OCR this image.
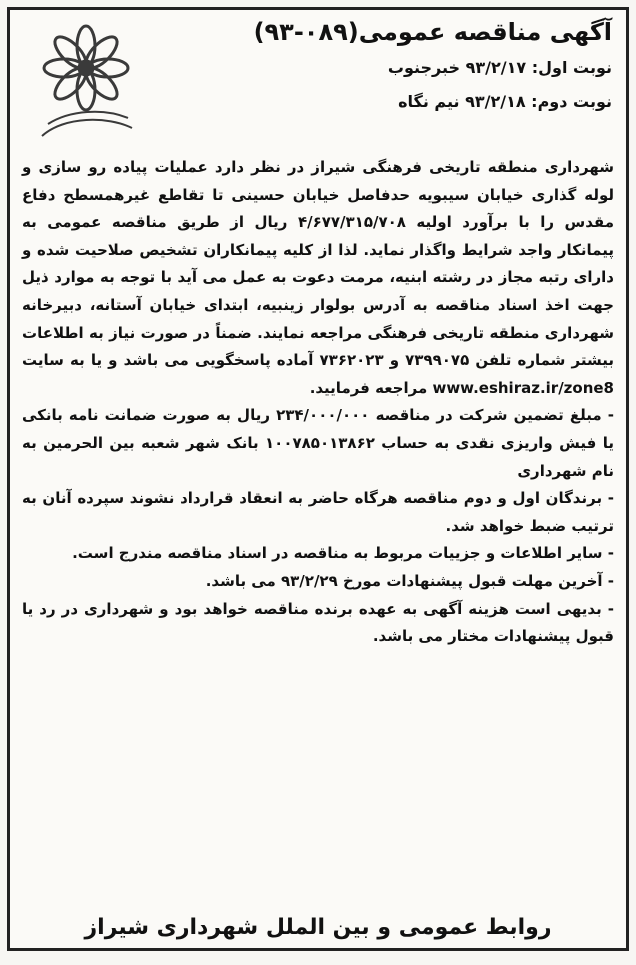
آگهی مناقصه عمومی(۰۸۹-۹۳)
نوبت اول: ۹۳/۲/۱۷ خبرجنوب
نوبت دوم: ۹۳/۲/۱۸ نیم نگاه

شهرداری منطقه تاریخی فرهنگی شیراز در نظر دارد عملیات پیاده رو سازی و لوله گذاری خیابان سیبویه حدفاصل خیابان حسینی تا تقاطع غیرهمسطح دفاع مقدس را با برآورد اولیه ۴/۶۷۷/۳۱۵/۷۰۸ ریال از طریق مناقصه عمومی به پیمانکار واجد شرایط واگذار نماید. لذا از کلیه پیمانکاران تشخیص صلاحیت شده و دارای رتبه مجاز در رشته ابنیه، مرمت دعوت به عمل می آید با توجه به موارد ذیل جهت اخذ اسناد مناقصه به آدرس بولوار زینبیه، ابتدای خیابان آستانه، دبیرخانه شهرداری منطقه تاریخی فرهنگی مراجعه نمایند. ضمناً در صورت نیاز به اطلاعات بیشتر شماره تلفن ۷۳۹۹۰۷۵ و ۷۳۶۲۰۲۳ آماده پاسخگویی می باشد و یا به سایت www.eshiraz.ir/zone8 مراجعه فرمایید.

- مبلغ تضمین شرکت در مناقصه ۲۳۴/۰۰۰/۰۰۰ ریال به صورت ضمانت نامه بانکی یا فیش واریزی نقدی به حساب ۱۰۰۷۸۵۰۱۳۸۶۲ بانک شهر شعبه بین الحرمین به نام شهرداری

- برندگان اول و دوم مناقصه هرگاه حاضر به انعقاد قرارداد نشوند سپرده آنان به ترتیب ضبط خواهد شد.

- سایر اطلاعات و جزییات مربوط به مناقصه در اسناد مناقصه مندرج است.

- آخرین مهلت قبول پیشنهادات مورخ ۹۳/۲/۲۹ می باشد.

- بدیهی است هزینه آگهی به عهده برنده مناقصه خواهد بود و شهرداری در رد یا قبول پیشنهادات مختار می باشد.

روابط عمومی و بین الملل شهرداری شیراز
